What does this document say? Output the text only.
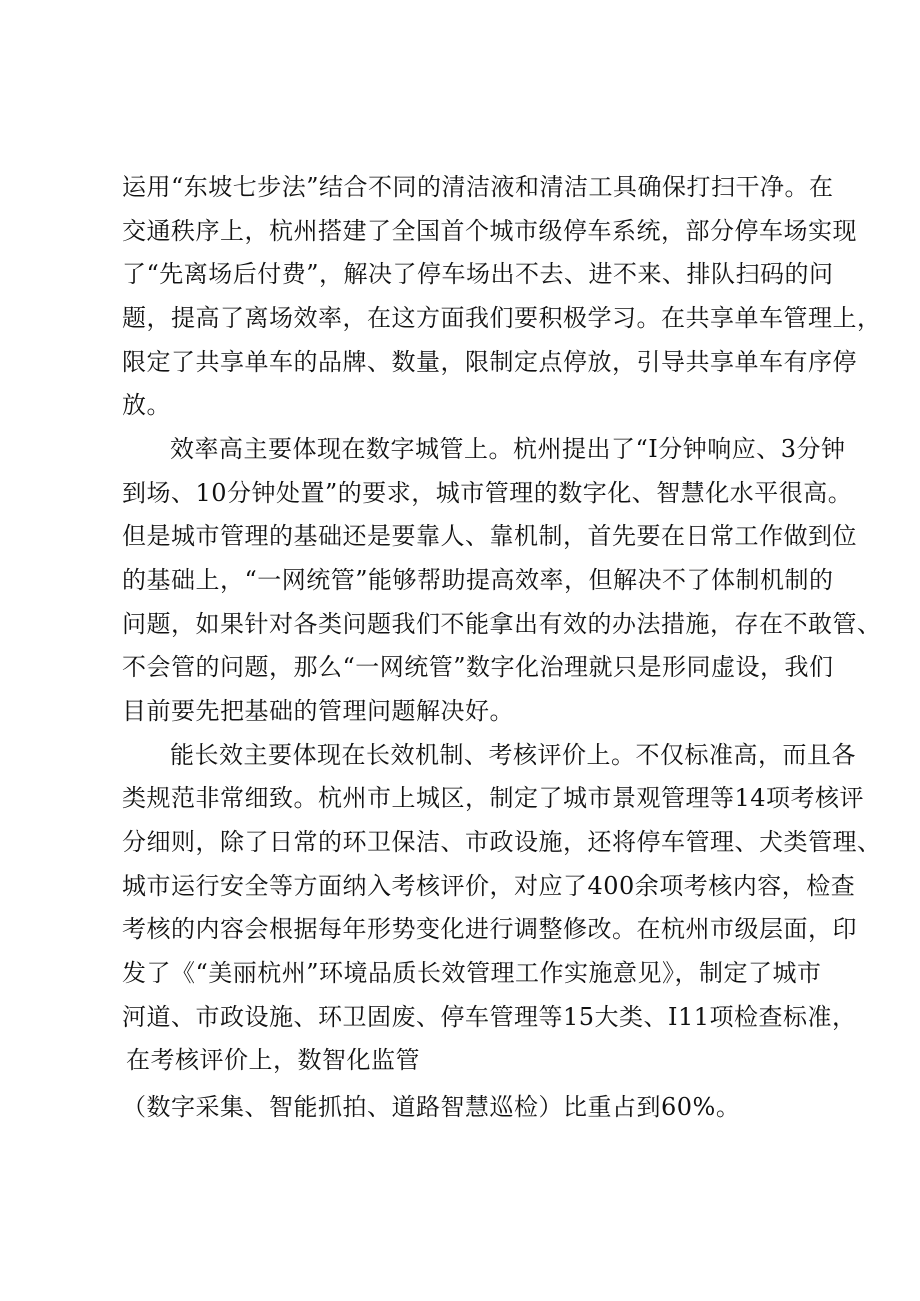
运用“东坡七步法”结合不同的清洁液和清洁工具确保打扫干净。在
交通秩序上，杭州搭建了全国首个城市级停车系统，部分停车场实现
了“先离场后付费”，解决了停车场出不去、进不来、排队扫码的问
题，提高了离场效率，在这方面我们要积极学习。在共享单车管理上，
限定了共享单车的品牌、数量，限制定点停放，引导共享单车有序停
放。
效率高主要体现在数字城管上。杭州提出了“I分钟响应、3分钟
到场、10分钟处置”的要求，城市管理的数字化、智慧化水平很高。
但是城市管理的基础还是要靠人、靠机制，首先要在日常工作做到位
的基础上，“一网统管”能够帮助提高效率，但解决不了体制机制的
问题，如果针对各类问题我们不能拿出有效的办法措施，存在不敢管、
不会管的问题，那么“一网统管”数字化治理就只是形同虚设，我们
目前要先把基础的管理问题解决好。
能长效主要体现在长效机制、考核评价上。不仅标准高，而且各
类规范非常细致。杭州市上城区，制定了城市景观管理等14项考核评
分细则，除了日常的环卫保洁、市政设施，还将停车管理、犬类管理、
城市运行安全等方面纳入考核评价，对应了400余项考核内容，检查
考核的内容会根据每年形势变化进行调整修改。在杭州市级层面，印
发了《“美丽杭州”环境品质长效管理工作实施意见》，制定了城市
河道、市政设施、环卫固废、停车管理等15大类、I11项检查标准，
在考核评价上，数智化监管
（数字采集、智能抓拍、道路智慧巡检）比重占到60%。
